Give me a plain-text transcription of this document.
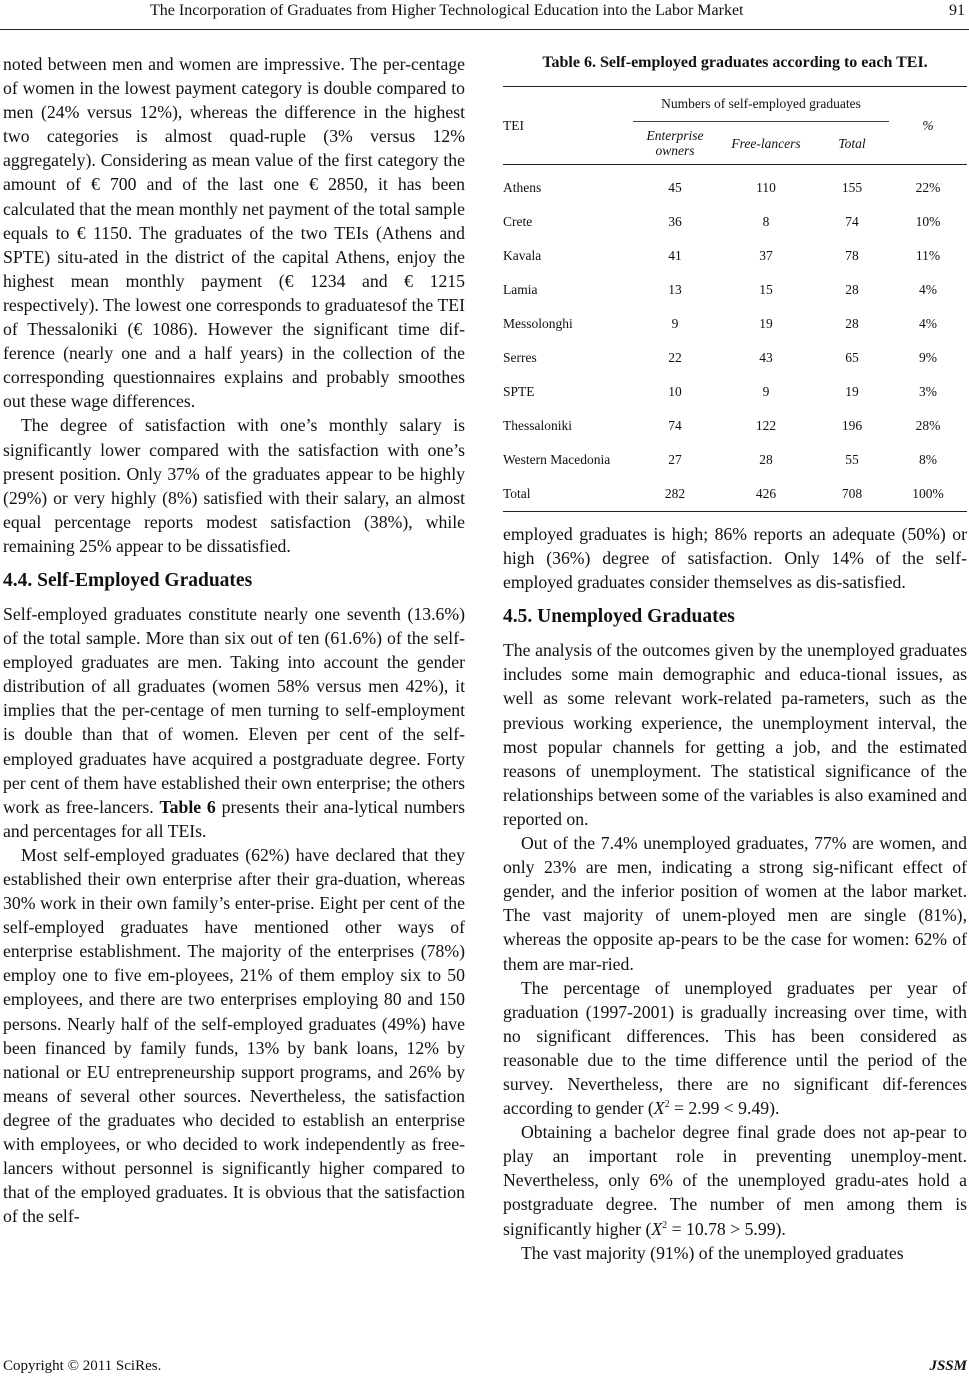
The Incorporation of Graduates from Higher Technological Education into the Labor Market	91

noted between men and women are impressive. The per-centage of women in the lowest payment category is double compared to men (24% versus 12%), whereas the difference in the highest two categories is almost quad-ruple (3% versus 12% aggregately). Considering as mean value of the first category the amount of € 700 and of the last one € 2850, it has been calculated that the mean monthly net payment of the total sample equals to € 1150. The graduates of the two TEIs (Athens and SPTE) situ-ated in the district of the capital Athens, enjoy the highest mean monthly payment (€ 1234 and € 1215 respectively). The lowest one corresponds to graduatesof the TEI of Thessaloniki (€ 1086). However the significant time dif-ference (nearly one and a half years) in the collection of the corresponding questionnaires explains and probably smoothes out these wage differences.

The degree of satisfaction with one’s monthly salary is significantly lower compared with the satisfaction with one’s present position. Only 37% of the graduates appear to be highly (29%) or very highly (8%) satisfied with their salary, an almost equal percentage reports modest satisfaction (38%), while remaining 25% appear to be dissatisfied.

4.4. Self-Employed Graduates

Self-employed graduates constitute nearly one seventh (13.6%) of the total sample. More than six out of ten (61.6%) of the self-employed graduates are men. Taking into account the gender distribution of all graduates (women 58% versus men 42%), it implies that the per-centage of men turning to self-employment is double than that of women. Eleven per cent of the self-employed graduates have acquired a postgraduate degree. Forty per cent of them have established their own enterprise; the others work as free-lancers. Table 6 presents their ana-lytical numbers and percentages for all TEIs.

Most self-employed graduates (62%) have declared that they established their own enterprise after their gra-duation, whereas 30% work in their own family’s enter-prise. Eight per cent of the self-employed graduates have mentioned other ways of enterprise establishment. The majority of the enterprises (78%) employ one to five em-ployees, 21% of them employ six to 50 employees, and there are two enterprises employing 80 and 150 persons. Nearly half of the self-employed graduates (49%) have been financed by family funds, 13% by bank loans, 12% by national or EU entrepreneurship support programs, and 26% by means of several other sources. Nevertheless, the satisfaction degree of the graduates who decided to establish an enterprise with employees, or who decided to work independently as free-lancers without personnel is significantly higher compared to that of the employed graduates. It is obvious that the satisfaction of the self-

Table 6. Self-employed graduates according to each TEI.
TEI	Numbers of self-employed graduates			%
	Enterprise owners	Free-lancers	Total	
Athens	45	110	155	22%
Crete	36	8	74	10%
Kavala	41	37	78	11%
Lamia	13	15	28	4%
Messolonghi	9	19	28	4%
Serres	22	43	65	9%
SPTE	10	9	19	3%
Thessaloniki	74	122	196	28%
Western Macedonia	27	28	55	8%
Total	282	426	708	100%

employed graduates is high; 86% reports an adequate (50%) or high (36%) degree of satisfaction. Only 14% of the self-employed graduates consider themselves as dis-satisfied.

4.5. Unemployed Graduates

The analysis of the outcomes given by the unemployed graduates includes some main demographic and educa-tional issues, as well as some relevant work-related pa-rameters, such as the previous working experience, the unemployment interval, the most popular channels for getting a job, and the estimated reasons of unemployment. The statistical significance of the relationships between some of the variables is also examined and reported on.

Out of the 7.4% unemployed graduates, 77% are women, and only 23% are men, indicating a strong sig-nificant effect of gender, and the inferior position of women at the labor market. The vast majority of unem-ployed men are single (81%), whereas the opposite ap-pears to be the case for women: 62% of them are mar-ried.

The percentage of unemployed graduates per year of graduation (1997-2001) is gradually increasing over time, with no significant differences. This has been considered as reasonable due to the time difference until the period of the survey. Nevertheless, there are no significant dif-ferences according to gender $(X^2 = 2.99 < 9.49)$.

Obtaining a bachelor degree final grade does not ap-pear to play an important role in preventing unemploy-ment. Nevertheless, only 6% of the unemployed gradu-ates hold a postgraduate degree. The number of men among them is significantly higher $(X^2 = 10.78 > 5.99)$.

The vast majority (91%) of the unemployed graduates

Copyright © 2011 SciRes.	JSSM
